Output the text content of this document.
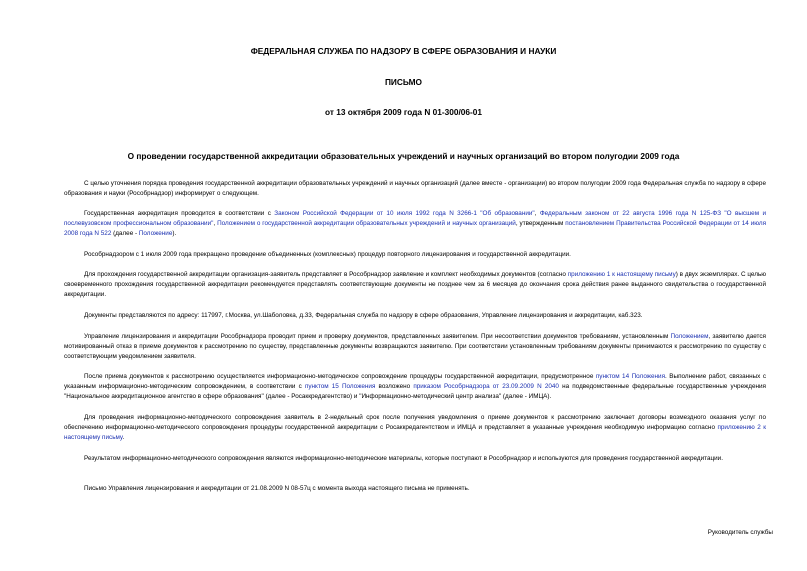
ФЕДЕРАЛЬНАЯ СЛУЖБА ПО НАДЗОРУ В СФЕРЕ ОБРАЗОВАНИЯ И НАУКИ
ПИСЬМО
от 13 октября 2009 года N 01-300/06-01
О проведении государственной аккредитации образовательных учреждений и научных организаций во втором полугодии 2009 года

С целью уточнения порядка проведения государственной аккредитации образовательных учреждений и научных организаций (далее вместе - организации) во втором полугодии 2009 года Федеральная служба по надзору в сфере образования и науки (Рособрнадзор) информирует о следующем.

Государственная аккредитация проводится в соответствии с Законом Российской Федерации от 10 июля 1992 года N 3266-1 "Об образовании", Федеральным законом от 22 августа 1996 года N 125-ФЗ "О высшем и послевузовском профессиональном образовании", Положением о государственной аккредитации образовательных учреждений и научных организаций, утвержденным постановлением Правительства Российской Федерации от 14 июля 2008 года N 522 (далее - Положение).

Рособрнадзором с 1 июля 2009 года прекращено проведение объединенных (комплексных) процедур повторного лицензирования и государственной аккредитации.

Для прохождения государственной аккредитации организация-заявитель представляет в Рособрнадзор заявление и комплект необходимых документов (согласно приложению 1 к настоящему письму) в двух экземплярах. С целью своевременного прохождения государственной аккредитации рекомендуется представлять соответствующие документы не позднее чем за 6 месяцев до окончания срока действия ранее выданного свидетельства о государственной аккредитации.

Документы представляются по адресу: 117997, г.Москва, ул.Шаболовка, д.33, Федеральная служба по надзору в сфере образования, Управление лицензирования и аккредитации, каб.323.

Управление лицензирования и аккредитации Рособрнадзора проводит прием и проверку документов, представленных заявителем. При несоответствии документов требованиям, установленным Положением, заявителю дается мотивированный отказ в приеме документов к рассмотрению по существу, представленные документы возвращаются заявителю. При соответствии установленным требованиям документы принимаются к рассмотрению по существу с соответствующим уведомлением заявителя.

После приема документов к рассмотрению осуществляется информационно-методическое сопровождение процедуры государственной аккредитации, предусмотренное пунктом 14 Положения. Выполнение работ, связанных с указанным информационно-методическим сопровождением, в соответствии с пунктом 15 Положения возложено приказом Рособрнадзора от 23.09.2009 N 2040 на подведомственные федеральные государственные учреждения "Национальное аккредитационное агентство в сфере образования" (далее - Росаккредагентство) и "Информационно-методический центр анализа" (далее - ИМЦА).

Для проведения информационно-методического сопровождения заявитель в 2-недельный срок после получения уведомления о приеме документов к рассмотрению заключает договоры возмездного оказания услуг по обеспечению информационно-методического сопровождения процедуры государственной аккредитации с Росаккредагентством и ИМЦА и представляет в указанные учреждения необходимую информацию согласно приложению 2 к настоящему письму.

Результатом информационно-методического сопровождения являются информационно-методические материалы, которые поступают в Рособрнадзор и используются для проведения государственной аккредитации.

Письмо Управления лицензирования и аккредитации от 21.08.2009 N 08-57ц с момента выхода настоящего письма не применять.

Руководитель службы
